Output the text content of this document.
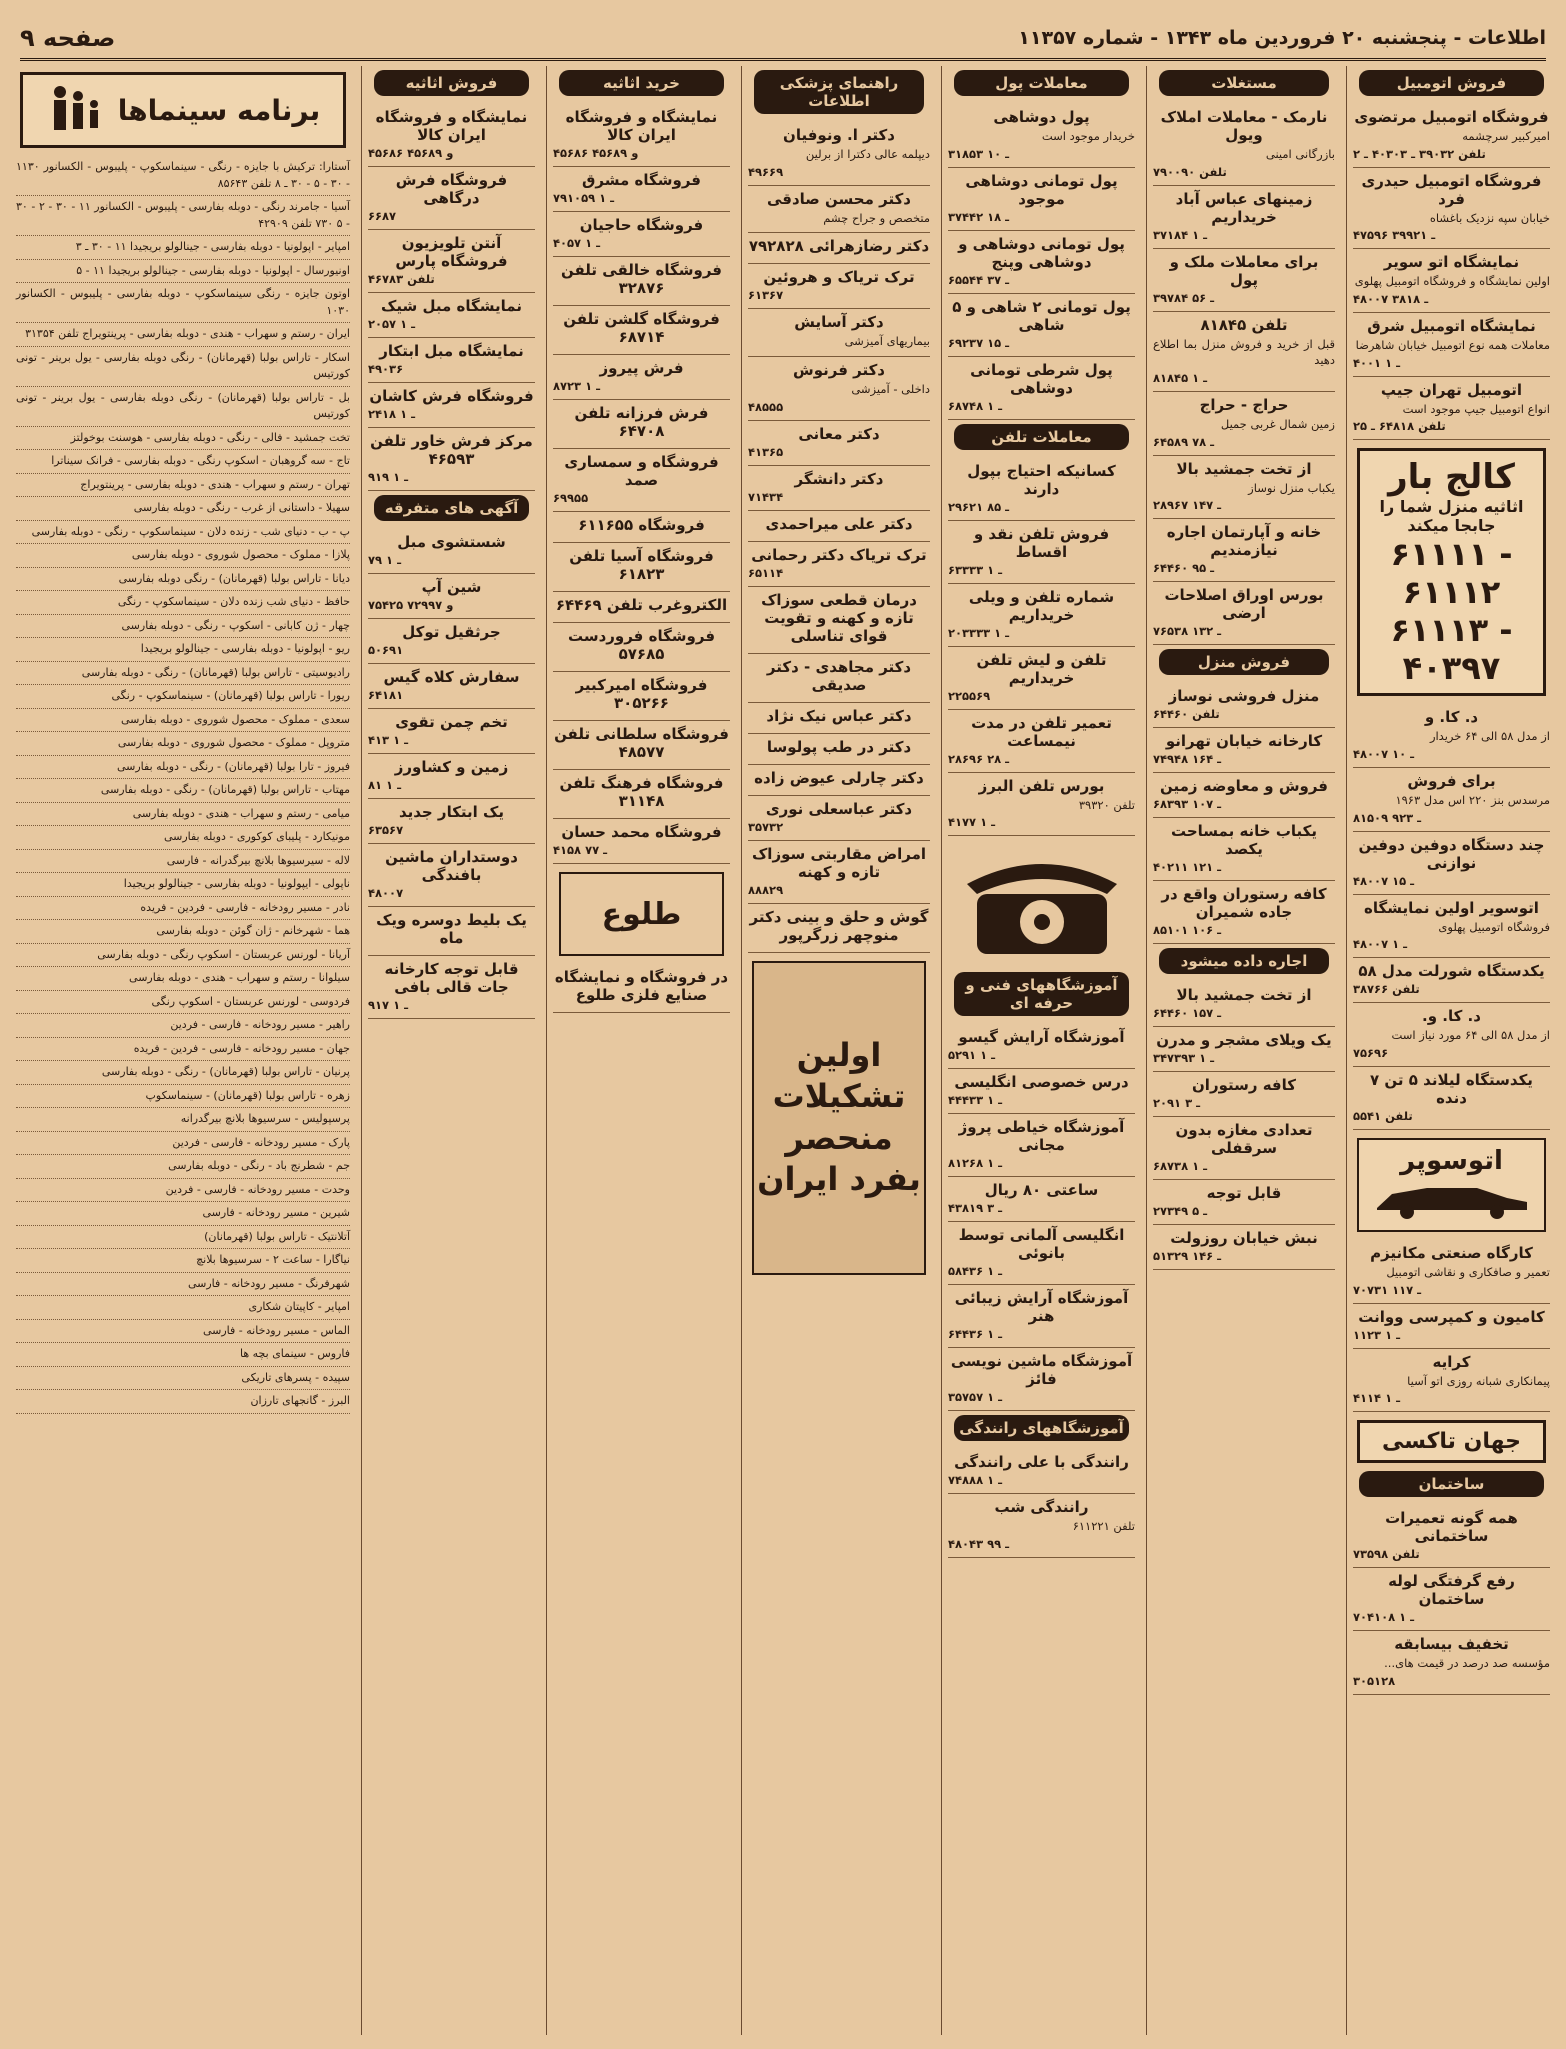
اطلاعات - پنجشنبه ۲۰ فروردین ماه ۱۳۴۳ - شماره ۱۱۳۵۷
صفحه ۹
فروش اتومبیل
فروشگاه اتومبیل مرتضوی

امیرکبیر سرچشمه

تلفن ۳۹۰۳۲ ـ ۴۰۳۰۳ ـ ۲
فروشگاه اتومبیل حیدری فرد

خیابان سپه نزدیک باغشاه

۴۷۵۹۶ ـ ۳۹۹۲۱
نمایشگاه اتو سویر

اولین نمایشگاه و فروشگاه اتومبیل پهلوی

۴۸۰۰۷ ـ ۳۸۱۸
نمایشگاه اتومبیل شرق

معاملات همه نوع اتومبیل خیابان شاهرضا

۴۰۰۱ ـ ۱
اتومبیل تهران جیپ

انواع اتومبیل جیپ موجود است

تلفن ۶۴۸۱۸ ـ ۲۵
کالج بار
اثاثیه منزل شما را جابجا میکند
۶۱۱۱۱ - ۶۱۱۱۲
۶۱۱۱۳ - ۴۰۳۹۷
د. کا. و

از مدل ۵۸ الی ۶۴ خریدار

۴۸۰۰۷ ـ ۱۰
برای فروش

مرسدس بنز ۲۲۰ اس مدل ۱۹۶۳

۸۱۵۰۹ ـ ۹۲۳
چند دستگاه دوفین دوفین نوازنی
۴۸۰۰۷ ـ ۱۵
اتوسویر اولین نمایشگاه

فروشگاه اتومبیل پهلوی

۴۸۰۰۷ ـ ۱
یکدستگاه شورلت مدل ۵۸
تلفن ۳۸۷۶۶
د. کا. و.

از مدل ۵۸ الی ۶۴ مورد نیاز است

۷۵۶۹۶
یکدستگاه لیلاند ۵ تن ۷ دنده
تلفن ۵۵۴۱
اتوسوپر
کارگاه صنعتی مکانیزم

تعمیر و صافکاری و نقاشی اتومبیل

۷۰۷۳۱ ـ ۱۱۷
کامیون و کمپرسی ووانت
۱۱۲۳ ـ ۱
کرایه

پیمانکاری شبانه روزی اتو آسیا

۴۱۱۴ ـ ۱
جهان تاکسی
ساختمان
همه گونه تعمیرات ساختمانی
تلفن ۷۳۵۹۸
رفع گرفتگی لوله ساختمان
۷۰۴۱۰۸ ـ ۱
تخفیف بیسابقه

مؤسسه صد درصد در قیمت های...

۳۰۵۱۲۸
مستغلات
نارمک - معاملات املاک ویول

بازرگانی امینی

تلفن ۷۹۰۰۹۰
زمینهای عباس آباد خریداریم
۳۷۱۸۴ ـ ۱
برای معاملات ملک و پول
۳۹۷۸۴ ـ ۵۶
تلفن ۸۱۸۴۵

قبل از خرید و فروش منزل بما اطلاع دهید

۸۱۸۴۵ ـ ۱
حراج - حراج

زمین شمال غربی جمیل

۶۴۵۸۹ ـ ۷۸
از تخت جمشید بالا

یکباب منزل نوساز

۲۸۹۶۷ ـ ۱۴۷
خانه و آپارتمان اجاره نیازمندیم
۶۴۴۶۰ ـ ۹۵
بورس اوراق اصلاحات ارضی
۷۶۵۳۸ ـ ۱۳۲
فروش منزل
منزل فروشی نوساز
تلفن ۶۴۴۶۰
کارخانه خیابان تهرانو
۷۴۹۴۸ ـ ۱۶۴
فروش و معاوضه زمین
۶۸۳۹۳ ـ ۱۰۷
یکباب خانه بمساحت یکصد
۴۰۲۱۱ ـ ۱۲۱
کافه رستوران واقع در جاده شمیران
۸۵۱۰۱ ـ ۱۰۶
اجاره داده میشود
از تخت جمشید بالا
۶۴۴۶۰ ـ ۱۵۷
یک ویلای مشجر و مدرن
۳۴۷۳۹۳ ـ ۱
کافه رستوران
۲۰۹۱ ـ ۳
تعدادی مغازه بدون سرقفلی
۶۸۷۳۸ ـ ۱
قابل توجه
۲۷۳۴۹ ـ ۵
نبش خیابان روزولت
۵۱۳۲۹ ـ ۱۴۶
معاملات پول
پول دوشاهی

خریدار موجود است

۳۱۸۵۳ ـ ۱۰
پول تومانی دوشاهی موجود
۳۷۴۴۲ ـ ۱۸
پول تومانی دوشاهی و دوشاهی وپنج
۶۵۵۴۴ ـ ۳۷
پول تومانی ۲ شاهی و ۵ شاهی
۶۹۲۳۷ ـ ۱۵
پول شرطی تومانی دوشاهی
۶۸۷۴۸ ـ ۱
معاملات تلفن
کسانیکه احتیاج بپول دارند
۲۹۶۲۱ ـ ۸۵
فروش تلفن نقد و اقساط
۶۳۳۳۳ ـ ۱
شماره تلفن و ویلی خریداریم
۲۰۳۳۳۳ ـ ۱
تلفن و لیش تلفن خریداریم
۲۲۵۵۶۹
تعمیر تلفن در مدت نیمساعت
۲۸۶۹۶ ـ ۲۸
بورس تلفن البرز

تلفن ۳۹۳۲۰

۴۱۷۷ ـ ۱
آموزشگاههای فنی و حرفه ای
آموزشگاه آرایش گیسو
۵۲۹۱ ـ ۱
درس خصوصی انگلیسی
۴۴۴۳۳ ـ ۱
آموزشگاه خیاطی پروژ مجانی
۸۱۲۶۸ ـ ۱
ساعتی ۸۰ ریال
۴۳۸۱۹ ـ ۳
انگلیسی آلمانی توسط بانوئی
۵۸۴۳۶ ـ ۱
آموزشگاه آرایش زیبائی هنر
۶۴۴۳۶ ـ ۱
آموزشگاه ماشین نویسی فائز
۳۵۷۵۷ ـ ۱
آموزشگاههای رانندگی
رانندگی با علی رانندگی
۷۴۸۸۸ ـ ۱
رانندگی شب

تلفن ۶۱۱۲۲۱

۴۸۰۴۳ ـ ۹۹
راهنمای پزشکی اطلاعات
دکتر ا. ونوفیان

دیپلمه عالی دکترا از برلین

۴۹۶۶۹
دکتر محسن صادقی

متخصص و جراح چشم

دکتر رضازهرائی ۷۹۲۸۲۸
ترک تریاک و هروئین
۶۱۳۶۷
دکتر آسایش

بیماریهای آمیزشی

دکتر فرنوش

داخلی - آمیزشی

۴۸۵۵۵
دکتر معانی
۴۱۳۶۵
دکتر دانشگر
۷۱۴۳۴
دکتر علی میراحمدی
ترک تریاک دکتر رحمانی
۶۵۱۱۴
درمان قطعی سوزاک تازه و کهنه و تقویت قوای تناسلی
دکتر مجاهدی - دکتر صدیقی
دکتر عباس نیک نژاد
دکتر در طب پولوسا
دکتر چارلی عیوض زاده
دکتر عباسعلی نوری
۳۵۷۳۲
امراض مقاربتی سوزاک تازه و کهنه
۸۸۸۲۹
گوش و حلق و بینی دکتر منوچهر زرگرپور
اولین تشکیلات منحصر بفرد ایران
خرید اثاثیه
نمایشگاه و فروشگاه ایران کالا
۴۵۶۸۶ و ۴۵۶۸۹
فروشگاه مشرق
۷۹۱۰۵۹ ـ ۱
فروشگاه حاجیان
۴۰۵۷ ـ ۱
فروشگاه خالقی تلفن ۳۲۸۷۶
فروشگاه گلشن تلفن ۶۸۷۱۴
فرش پیروز
۸۷۲۳ ـ ۱
فرش فرزانه تلفن ۶۴۷۰۸
فروشگاه و سمساری صمد
۶۹۹۵۵
فروشگاه ۶۱۱۶۵۵
فروشگاه آسیا تلفن ۶۱۸۲۳
الکتروغرب تلفن ۶۴۴۶۹
فروشگاه فروردست ۵۷۶۸۵
فروشگاه امیرکبیر ۳۰۵۲۶۶
فروشگاه سلطانی تلفن ۴۸۵۷۷
فروشگاه فرهنگ تلفن ۳۱۱۴۸
فروشگاه محمد حسان
۴۱۵۸ ـ ۷۷
طلوع
در فروشگاه و نمایشگاه صنایع فلزی طلوع
فروش اثاثیه
نمایشگاه و فروشگاه ایران کالا
۴۵۶۸۶ و ۴۵۶۸۹
فروشگاه فرش درگاهی
۶۶۸۷
آنتن تلویزیون فروشگاه پارس
تلفن ۴۶۷۸۳
نمایشگاه مبل شیک
۲۰۵۷ ـ ۱
نمایشگاه مبل ابتکار
۴۹۰۳۶
فروشگاه فرش کاشان
۲۴۱۸ ـ ۱
مرکز فرش خاور تلفن ۴۶۵۹۳
۹۱۹ ـ ۱
آگهی های متفرقه
شستشوی مبل
۷۹ ـ ۱
شین آپ
۷۵۴۲۵ و ۷۲۹۹۷
جرثقیل توکل
۵۰۶۹۱
سفارش کلاه گیس
۶۴۱۸۱
تخم چمن تقوی
۴۱۳ ـ ۱
زمین و کشاورز
۸۱ ـ ۱
یک ابتکار جدید
۶۳۵۶۷
دوستداران ماشین بافندگی
۴۸۰۰۷
یک بلیط دوسره ویک ماه
قابل توجه کارخانه جات قالی بافی
۹۱۷ ـ ۱
برنامه سینماها

آستارا: ترکیش با جایزه - رنگی - سینماسکوپ - پلیبوس - الکسانور ۱۱۳۰ - ۳۰ - ۵ - ۳۰ ـ ۸ تلفن ۸۵۶۴۳

آسیا - جامرند رنگی - دوبله بفارسی - پلیبوس - الکسانور ۱۱ - ۳۰ - ۲ - ۳۰ - ۵ ۷۳۰ تلفن ۴۲۹۰۹

امپایر - اپولونیا - دوبله بفارسی - جینالولو بریجیدا ۱۱ - ۳۰ ـ ۳

اونیورسال - اپولونیا - دوبله بفارسی - جینالولو بریجیدا ۱۱ - ۵

اوتون جایزه - رنگی سینماسکوپ - دوبله بفارسی - پلیبوس - الکسانور ۱۰۳۰

ایران - رستم و سهراب - هندی - دوبله بفارسی - پرینتویراج تلفن ۳۱۳۵۴

اسکار - تاراس بولبا (قهرمانان) - رنگی دوبله بفارسی - یول برینر - تونی کورتیس

بل - تاراس بولبا (قهرمانان) - رنگی دوبله بفارسی - یول برینر - تونی کورتیس

تخت جمشید - فالی - رنگی - دوبله بفارسی - هوسنت بوخولتز

تاج - سه گروهبان - اسکوپ رنگی - دوبله بفارسی - فرانک سیناترا

تهران - رستم و سهراب - هندی - دوبله بفارسی - پرینتویراج

سهیلا - داستانی از غرب - رنگی - دوبله بفارسی

پ - ب - دنیای شب - زنده دلان - سینماسکوپ - رنگی - دوبله بفارسی

پلازا - مملوک - محصول شوروی - دوبله بفارسی

دیانا - تاراس بولبا (قهرمانان) - رنگی دوبله بفارسی

حافظ - دنیای شب زنده دلان - سینماسکوپ - رنگی

چهار - ژن کابانی - اسکوپ - رنگی - دوبله بفارسی

ریو - اپولونیا - دوبله بفارسی - جینالولو بریجیدا

رادیوسیتی - تاراس بولبا (قهرمانان) - رنگی - دوبله بفارسی

ریورا - تاراس بولبا (قهرمانان) - سینماسکوپ - رنگی

سعدی - مملوک - محصول شوروی - دوبله بفارسی

متروپل - مملوک - محصول شوروی - دوبله بفارسی

فیروز - تارا بولبا (قهرمانان) - رنگی - دوبله بفارسی

مهتاب - تاراس بولبا (قهرمانان) - رنگی - دوبله بفارسی

میامی - رستم و سهراب - هندی - دوبله بفارسی

مونیکارد - پلیبای کوکوری - دوبله بفارسی

لاله - سیرسیوها بلانچ بیرگدرانه - فارسی

ناپولی - ایپولونیا - دوبله بفارسی - جینالولو بریجیدا

نادر - مسیر رودخانه - فارسی - فردین - فریده

هما - شهرخانم - ژان گوئن - دوبله بفارسی

آریانا - لورنس عربستان - اسکوپ رنگی - دوبله بفارسی

سیلوانا - رستم و سهراب - هندی - دوبله بفارسی

فردوسی - لورنس عربستان - اسکوپ رنگی

راهیر - مسیر رودخانه - فارسی - فردین

جهان - مسیر رودخانه - فارسی - فردین - فریده

پرنیان - تاراس بولبا (قهرمانان) - رنگی - دوبله بفارسی

زهره - تاراس بولبا (قهرمانان) - سینماسکوپ

پرسپولیس - سرسیوها بلانچ بیرگدرانه

پارک - مسیر رودخانه - فارسی - فردین

جم - شطرنج باد - رنگی - دوبله بفارسی

وحدت - مسیر رودخانه - فارسی - فردین

شیرین - مسیر رودخانه - فارسی

آتلانتیک - تاراس بولبا (قهرمانان)

نیاگارا - ساعت ۲ - سرسیوها بلانچ

شهرفرنگ - مسیر رودخانه - فارسی

امپایر - کاپیتان شکاری

الماس - مسیر رودخانه - فارسی

فاروس - سینمای بچه ها

سپیده - پسرهای تاریکی

البرز - گانجهای تارزان
